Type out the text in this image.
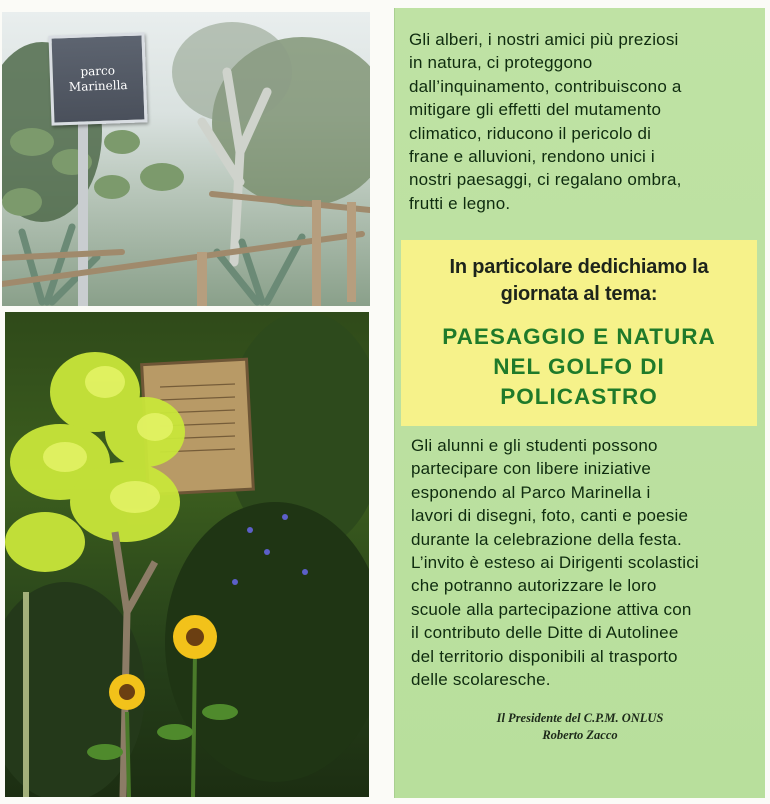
parco
Marinella
Gli alberi, i nostri amici più preziosi
in natura, ci proteggono
dall’inquinamento, contribuiscono a
mitigare gli effetti del mutamento
climatico, riducono il pericolo di
frane e alluvioni, rendono unici i
nostri paesaggi, ci regalano ombra,
frutti e legno.
In particolare dedichiamo la
giornata al tema:
PAESAGGIO E NATURA
NEL GOLFO DI
POLICASTRO
Gli alunni e gli studenti possono
partecipare con libere iniziative
esponendo al Parco Marinella i
lavori di disegni, foto, canti e poesie
durante la celebrazione della festa.
L’invito è esteso ai Dirigenti scolastici
che potranno autorizzare le loro
scuole alla partecipazione attiva con
il contributo delle Ditte di Autolinee
del territorio disponibili al trasporto
delle scolaresche.
Il Presidente del C.P.M. ONLUS
Roberto Zacco
